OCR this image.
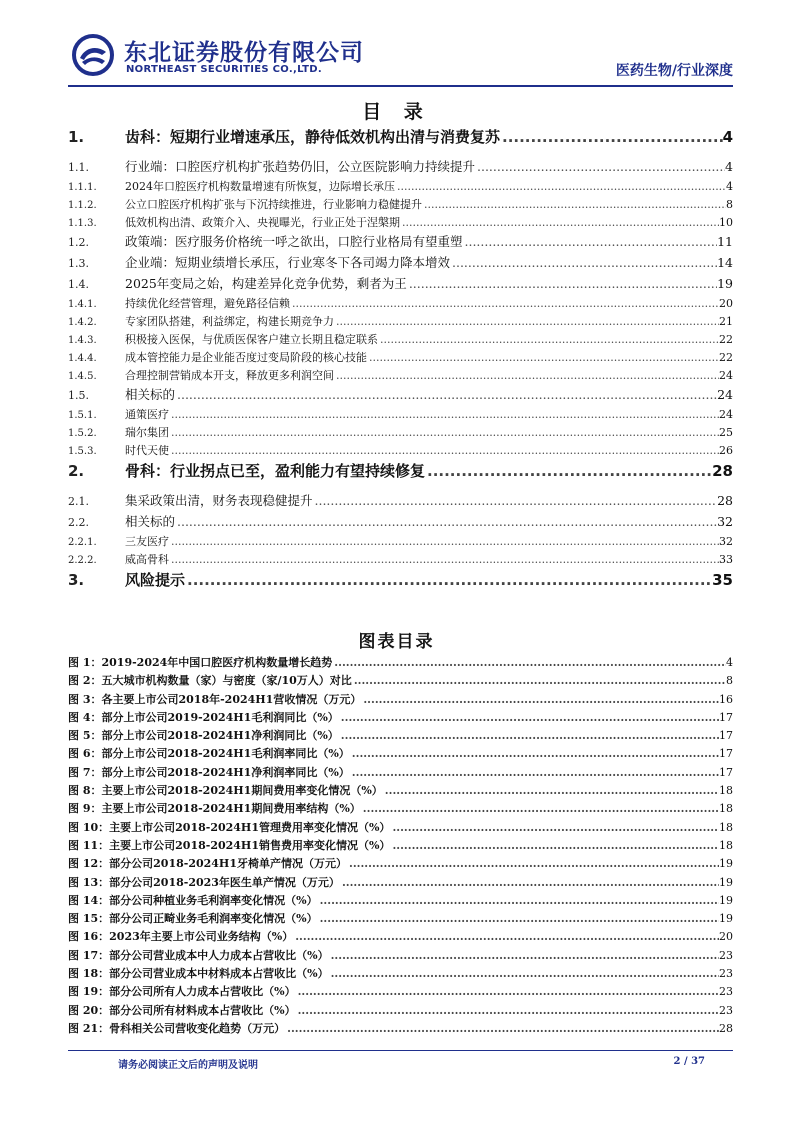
东北证券股份有限公司
NORTHEAST SECURITIES CO.,LTD.	医药生物/行业深度
目 录
1.	齿科：短期行业增速承压，静待低效机构出清与消费复苏 .....	4
1.1.	行业端：口腔医疗机构扩张趋势仍旧，公立医院影响力持续提升 .....	4
1.1.1.	2024年口腔医疗机构数量增速有所恢复，边际增长承压 .....	4
1.1.2.	公立口腔医疗机构扩张与下沉持续推进，行业影响力稳健提升 .....	8
1.1.3.	低效机构出清、政策介入、央视曝光，行业正处于涅槃期 .....	10
1.2.	政策端：医疗服务价格统一呼之欲出，口腔行业格局有望重塑 .....	11
1.3.	企业端：短期业绩增长承压，行业寒冬下各司竭力降本增效 .....	14
1.4.	2025年变局之始，构建差异化竞争优势，剩者为王 .....	19
1.4.1.	持续优化经营管理，避免路径信赖 .....	20
1.4.2.	专家团队搭建，利益绑定，构建长期竞争力 .....	21
1.4.3.	积极接入医保，与优质医保客户建立长期且稳定联系 .....	22
1.4.4.	成本管控能力是企业能否度过变局阶段的核心技能 .....	22
1.4.5.	合理控制营销成本开支，释放更多利润空间 .....	24
1.5.	相关标的 .....	24
1.5.1.	通策医疗 .....	24
1.5.2.	瑞尔集团 .....	25
1.5.3.	时代天使 .....	26
2.	骨科：行业拐点已至，盈利能力有望持续修复 .....	28
2.1.	集采政策出清，财务表现稳健提升 .....	28
2.2.	相关标的 .....	32
2.2.1.	三友医疗 .....	32
2.2.2.	威高骨科 .....	33
3.	风险提示 .....	35
图表目录
图 1：2019-2024年中国口腔医疗机构数量增长趋势 .....	4
图 2：五大城市机构数量（家）与密度（家/10万人）对比 .....	8
图 3：各主要上市公司2018年-2024H1营收情况（万元） .....	16
图 4：部分上市公司2019-2024H1毛利润同比（%） .....	17
图 5：部分上市公司2018-2024H1净利润同比（%） .....	17
图 6：部分上市公司2018-2024H1毛利润率同比（%） .....	17
图 7：部分上市公司2018-2024H1净利润率同比（%） .....	17
图 8：主要上市公司2018-2024H1期间费用率变化情况（%） .....	18
图 9：主要上市公司2018-2024H1期间费用率结构（%） .....	18
图 10：主要上市公司2018-2024H1管理费用率变化情况（%） .....	18
图 11：主要上市公司2018-2024H1销售费用率变化情况（%） .....	18
图 12：部分公司2018-2024H1牙椅单产情况（万元） .....	19
图 13：部分公司2018-2023年医生单产情况（万元） .....	19
图 14：部分公司种植业务毛利润率变化情况（%） .....	19
图 15：部分公司正畸业务毛利润率变化情况（%） .....	19
图 16：2023年主要上市公司业务结构（%） .....	20
图 17：部分公司营业成本中人力成本占营收比（%） .....	23
图 18：部分公司营业成本中材料成本占营收比（%） .....	23
图 19：部分公司所有人力成本占营收比（%） .....	23
图 20：部分公司所有材料成本占营收比（%） .....	23
图 21：骨科相关公司营收变化趋势（万元） .....	28
请务必阅读正文后的声明及说明	2 / 37
